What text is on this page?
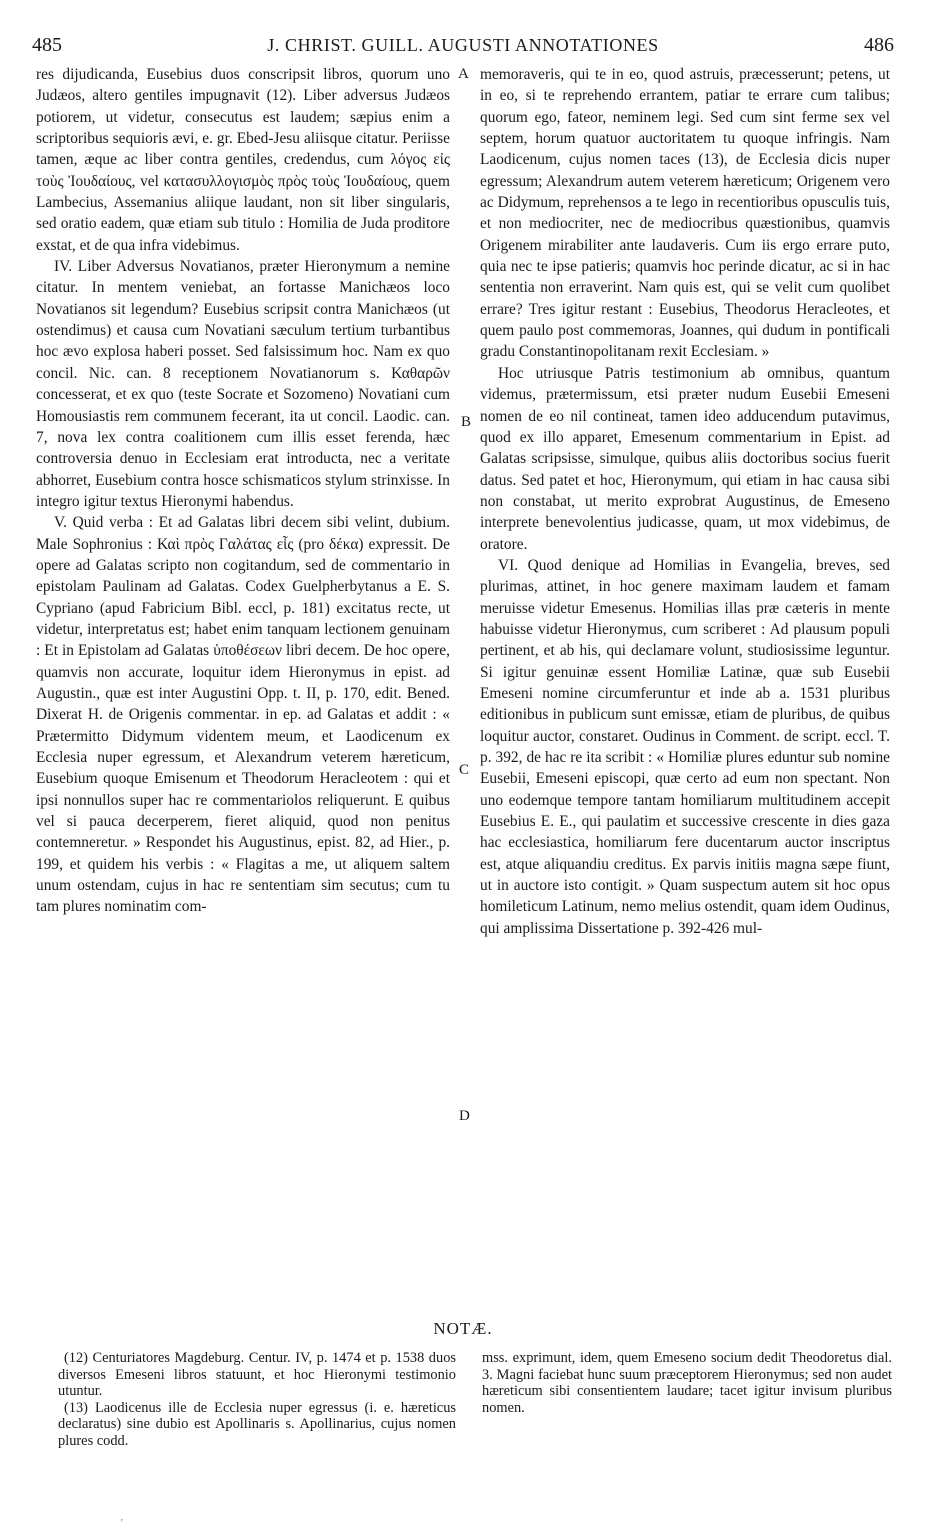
485	J. CHRIST. GUILL. AUGUSTI ANNOTATIONES	486

res dijudicanda, Eusebius duos conscripsit libros, quorum uno Judæos, altero gentiles impugnavit (12). Liber adversus Judæos potiorem, ut videtur, consecutus est laudem; sæpius enim a scriptoribus sequioris ævi, e. gr. Ebed-Jesu aliisque citatur. Periisse tamen, æque ac liber contra gentiles, credendus, cum λόγος εἰς τοὺς Ἰουδαίους, vel κατασυλλογισμὸς πρὸς τοὺς Ἰουδαίους, quem Lambecius, Assemanius aliique laudant, non sit liber singularis, sed oratio eadem, quæ etiam sub titulo : Homilia de Juda proditore exstat, et de qua infra videbimus.

IV. Liber Adversus Novatianos, præter Hieronymum a nemine citatur. In mentem veniebat, an fortasse Manichæos loco Novatianos sit legendum? Eusebius scripsit contra Manichæos (ut ostendimus) et causa cum Novatiani sæculum tertium turbantibus hoc ævo explosa haberi posset. Sed falsissimum hoc. Nam ex quo concil. Nic. can. 8 receptionem Novatianorum s. Καθαρῶν concesserat, et ex quo (teste Socrate et Sozomeno) Novatiani cum Homousiastis rem communem fecerant, ita ut concil. Laodic. can. 7, nova lex contra coalitionem cum illis esset ferenda, hæc controversia denuo in Ecclesiam erat introducta, nec a veritate abhorret, Eusebium contra hosce schismaticos stylum strinxisse. In integro igitur textus Hieronymi habendus.

V. Quid verba : Et ad Galatas libri decem sibi velint, dubium. Male Sophronius : Καὶ πρὸς Γαλάτας εἷς (pro δέκα) expressit. De opere ad Galatas scripto non cogitandum, sed de commentario in epistolam Paulinam ad Galatas. Codex Guelpherbytanus a E. S. Cypriano (apud Fabricium Bibl. eccl, p. 181) excitatus recte, ut videtur, interpretatus est; habet enim tanquam lectionem genuinam : Et in Epistolam ad Galatas ὑποθέσεων libri decem. De hoc opere, quamvis non accurate, loquitur idem Hieronymus in epist. ad Augustin., quæ est inter Augustini Opp. t. II, p. 170, edit. Bened. Dixerat H. de Origenis commentar. in ep. ad Galatas et addit : « Prætermitto Didymum videntem meum, et Laodicenum ex Ecclesia nuper egressum, et Alexandrum veterem hæreticum, Eusebium quoque Emisenum et Theodorum Heracleotem : qui et ipsi nonnullos super hac re commentariolos reliquerunt. E quibus vel si pauca decerperem, fieret aliquid, quod non penitus contemneretur. » Respondet his Augustinus, epist. 82, ad Hier., p. 199, et quidem his verbis : « Flagitas a me, ut aliquem saltem unum ostendam, cujus in hac re sententiam sim secutus; cum tu tam plures nominatim com-

A
B
C
D

memoraveris, qui te in eo, quod astruis, præcesserunt; petens, ut in eo, si te reprehendo errantem, patiar te errare cum talibus; quorum ego, fateor, neminem legi. Sed cum sint ferme sex vel septem, horum quatuor auctoritatem tu quoque infringis. Nam Laodicenum, cujus nomen taces (13), de Ecclesia dicis nuper egressum; Alexandrum autem veterem hæreticum; Origenem vero ac Didymum, reprehensos a te lego in recentioribus opusculis tuis, et non mediocriter, nec de mediocribus quæstionibus, quamvis Origenem mirabiliter ante laudaveris. Cum iis ergo errare puto, quia nec te ipse patieris; quamvis hoc perinde dicatur, ac si in hac sententia non erraverint. Nam quis est, qui se velit cum quolibet errare? Tres igitur restant : Eusebius, Theodorus Heracleotes, et quem paulo post commemoras, Joannes, qui dudum in pontificali gradu Constantinopolitanam rexit Ecclesiam. »

Hoc utriusque Patris testimonium ab omnibus, quantum videmus, prætermissum, etsi præter nudum Eusebii Emeseni nomen de eo nil contineat, tamen ideo adducendum putavimus, quod ex illo apparet, Emesenum commentarium in Epist. ad Galatas scripsisse, simulque, quibus aliis doctoribus socius fuerit datus. Sed patet et hoc, Hieronymum, qui etiam in hac causa sibi non constabat, ut merito exprobrat Augustinus, de Emeseno interprete benevolentius judicasse, quam, ut mox videbimus, de oratore.

VI. Quod denique ad Homilias in Evangelia, breves, sed plurimas, attinet, in hoc genere maximam laudem et famam meruisse videtur Emesenus. Homilias illas præ cæteris in mente habuisse videtur Hieronymus, cum scriberet : Ad plausum populi pertinent, et ab his, qui declamare volunt, studiosissime leguntur. Si igitur genuinæ essent Homiliæ Latinæ, quæ sub Eusebii Emeseni nomine circumferuntur et inde ab a. 1531 pluribus editionibus in publicum sunt emissæ, etiam de pluribus, de quibus loquitur auctor, constaret. Oudinus in Comment. de script. eccl. T. p. 392, de hac re ita scribit : « Homiliæ plures eduntur sub nomine Eusebii, Emeseni episcopi, quæ certo ad eum non spectant. Non uno eodemque tempore tantam homiliarum multitudinem accepit Eusebius E. E., qui paulatim et successive crescente in dies gaza hac ecclesiastica, homiliarum fere ducentarum auctor inscriptus est, atque aliquandiu creditus. Ex parvis initiis magna sæpe fiunt, ut in auctore isto contigit. » Quam suspectum autem sit hoc opus homileticum Latinum, nemo melius ostendit, quam idem Oudinus, qui amplissima Dissertatione p. 392-426 mul-

NOTÆ.

(12) Centuriatores Magdeburg. Centur. IV, p. 1474 et p. 1538 duos diversos Emeseni libros statuunt, et hoc Hieronymi testimonio utuntur.

(13) Laodicenus ille de Ecclesia nuper egressus (i. e. hæreticus declaratus) sine dubio est Apollinaris s. Apollinarius, cujus nomen plures codd.

mss. exprimunt, idem, quem Emeseno socium dedit Theodoretus dial. 3. Magni faciebat hunc suum præceptorem Hieronymus; sed non audet hæreticum sibi consentientem laudare; tacet igitur invisum pluribus nomen.

’
